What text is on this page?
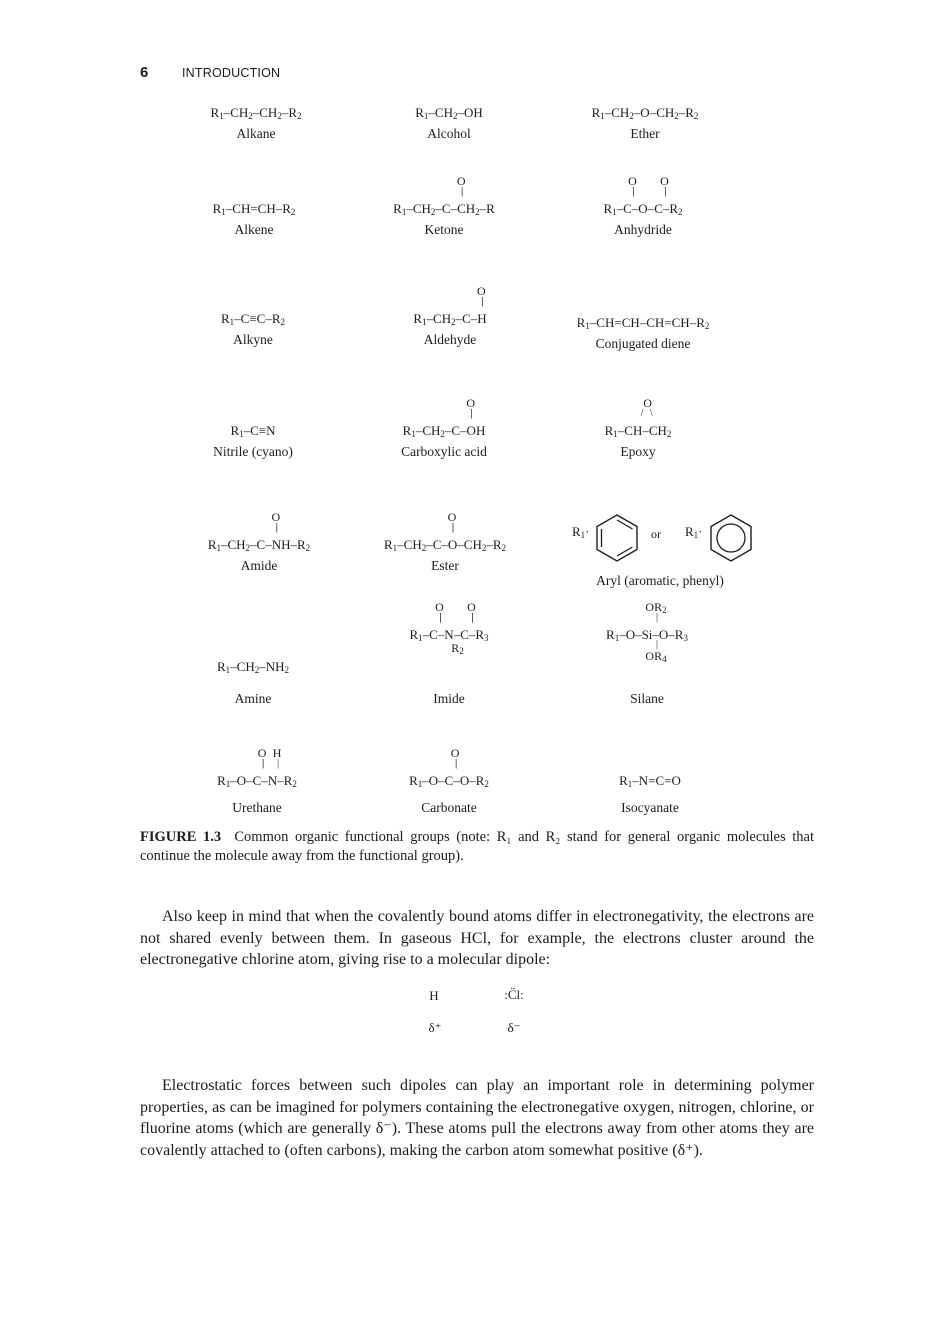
6	INTRODUCTION
$R_1-CH_2-CH_2-R_2$
Alkane
$R_1-CH_2-OH$
Alcohol
$R_1-CH_2-O-CH_2-R_2$
Ether
$R_1-CH=CH-R_2$
Alkene
$R_1-CH_2-C-CH_2-R$
O
||
Ketone
$R_1-C-O-C-R_2$
O
||
O
||
Anhydride
$R_1-C\equiv C-R_2$
Alkyne
$R_1-CH_2-C-H$
O
||
Aldehyde
$R_1-CH=CH-CH=CH-R_2$
Conjugated diene
$R_1-C\equiv N$
Nitrile (cyano)
$R_1-CH_2-C-OH$
O
||
Carboxylic acid
$R_1-CH-CH_2$
O
/ \
Epoxy
$R_1-CH_2-C-NH-R_2$
O
||
Amide
$R_1-CH_2-C-O-CH_2-R_2$
O
||
Ester
$R_1\cdot$	or $R_1\cdot$
Aryl (aromatic, phenyl)
$R_1-CH_2-NH_2$
Amine
$R_1-C-N-C-R_3$
O
||
O
||
$R_2$
Imide
$R_1-O-Si-O-R_3$
$OR_2$
|
|
$OR_4$
Silane
$R_1-O-C-N-R_2$
O
||
H
|
Urethane
$R_1-O-C-O-R_2$
O
||
Carbonate
$R_1-N=C=O$
Isocyanate
FIGURE 1.3 Common organic functional groups (note: R₁ and R₂ stand for general organic molecules that continue the molecule away from the functional group).
Also keep in mind that when the covalently bound atoms differ in electronegativity, the electrons are not shared evenly between them. In gaseous HCl, for example, the electrons cluster around the electronegative chlorine atom, giving rise to a molecular dipole:
H	:C̈l:
δ⁺	δ⁻
Electrostatic forces between such dipoles can play an important role in determining polymer properties, as can be imagined for polymers containing the electronegative oxygen, nitrogen, chlorine, or fluorine atoms (which are generally δ⁻). These atoms pull the electrons away from other atoms they are covalently attached to (often carbons), making the carbon atom somewhat positive (δ⁺).
